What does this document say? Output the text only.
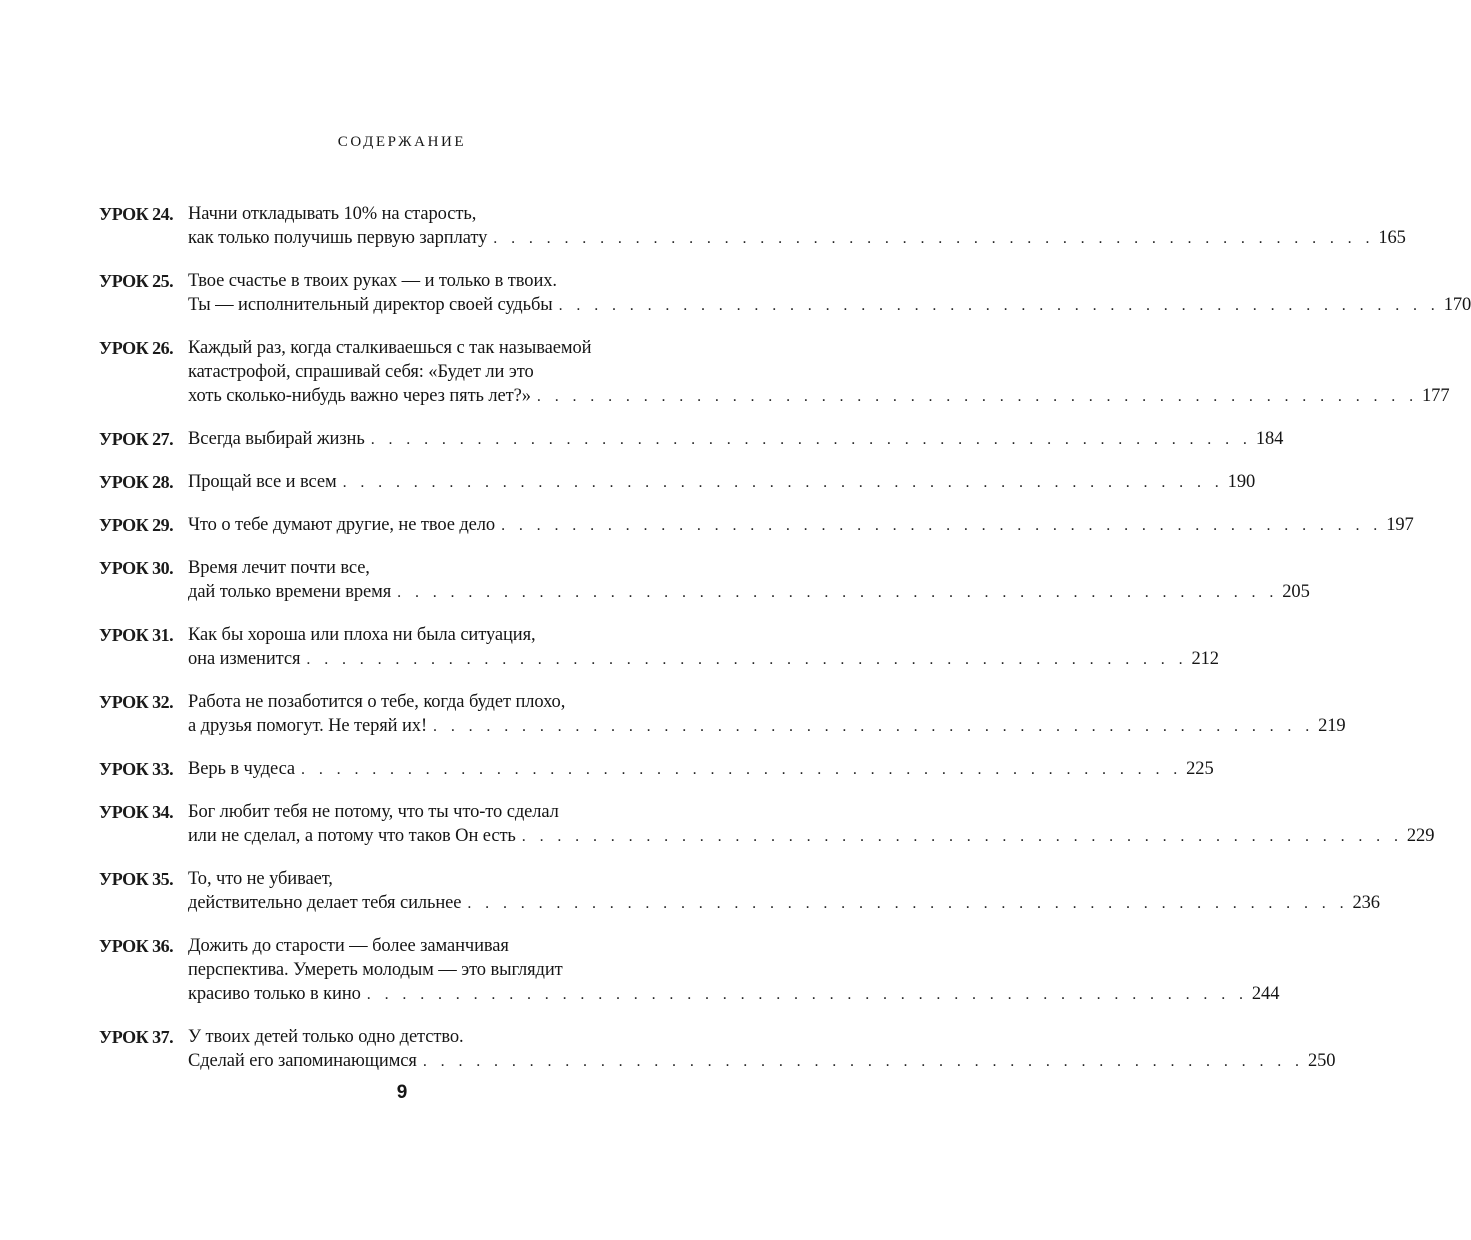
СОДЕРЖАНИЕ
УРОК 24. Начни откладывать 10% на старость,
как только получишь первую зарплату . . . . . . . . . . . . . . . . . . . . . . . . . . . . . . . . . . . . . . . . . . . . . . . . . . 165
УРОК 25. Твое счастье в твоих руках — и только в твоих.
Ты — исполнительный директор своей судьбы . . . . . . . . . . . . . . . . . . . . . . . . . . . . . . . . . . . . . . . . . . . . . . . . . . 170
УРОК 26. Каждый раз, когда сталкиваешься с так называемой
катастрофой, спрашивай себя: «Будет ли это
хоть сколько-нибудь важно через пять лет?» . . . . . . . . . . . . . . . . . . . . . . . . . . . . . . . . . . . . . . . . . . . . . . . . . . 177
УРОК 27. Всегда выбирай жизнь . . . . . . . . . . . . . . . . . . . . . . . . . . . . . . . . . . . . . . . . . . . . . . . . . . 184
УРОК 28. Прощай все и всем . . . . . . . . . . . . . . . . . . . . . . . . . . . . . . . . . . . . . . . . . . . . . . . . . . 190
УРОК 29. Что о тебе думают другие, не твое дело . . . . . . . . . . . . . . . . . . . . . . . . . . . . . . . . . . . . . . . . . . . . . . . . . . 197
УРОК 30. Время лечит почти все,
дай только времени время . . . . . . . . . . . . . . . . . . . . . . . . . . . . . . . . . . . . . . . . . . . . . . . . . . 205
УРОК 31. Как бы хороша или плоха ни была ситуация,
она изменится . . . . . . . . . . . . . . . . . . . . . . . . . . . . . . . . . . . . . . . . . . . . . . . . . . 212
УРОК 32. Работа не позаботится о тебе, когда будет плохо,
а друзья помогут. Не теряй их! . . . . . . . . . . . . . . . . . . . . . . . . . . . . . . . . . . . . . . . . . . . . . . . . . . 219
УРОК 33. Верь в чудеса . . . . . . . . . . . . . . . . . . . . . . . . . . . . . . . . . . . . . . . . . . . . . . . . . . 225
УРОК 34. Бог любит тебя не потому, что ты что-то сделал
или не сделал, а потому что таков Он есть . . . . . . . . . . . . . . . . . . . . . . . . . . . . . . . . . . . . . . . . . . . . . . . . . . 229
УРОК 35. То, что не убивает,
действительно делает тебя сильнее . . . . . . . . . . . . . . . . . . . . . . . . . . . . . . . . . . . . . . . . . . . . . . . . . . 236
УРОК 36. Дожить до старости — более заманчивая
перспектива. Умереть молодым — это выглядит
красиво только в кино . . . . . . . . . . . . . . . . . . . . . . . . . . . . . . . . . . . . . . . . . . . . . . . . . . 244
УРОК 37. У твоих детей только одно детство.
Сделай его запоминающимся . . . . . . . . . . . . . . . . . . . . . . . . . . . . . . . . . . . . . . . . . . . . . . . . . . 250
9
